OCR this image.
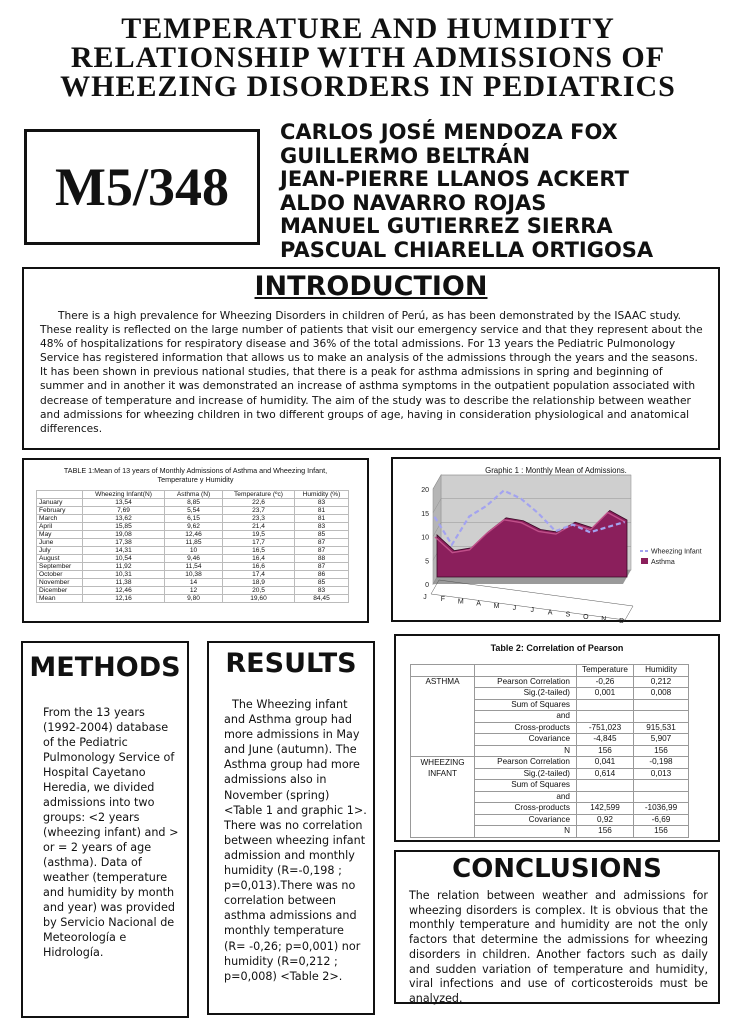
TEMPERATURE AND HUMIDITY
RELATIONSHIP WITH ADMISSIONS OF
WHEEZING DISORDERS IN PEDIATRICS
M5/348
CARLOS JOSÉ MENDOZA FOX
GUILLERMO BELTRÁN
JEAN-PIERRE LLANOS ACKERT
ALDO NAVARRO ROJAS
MANUEL GUTIERREZ SIERRA
PASCUAL CHIARELLA ORTIGOSA
INTRODUCTION

There is a high prevalence for Wheezing Disorders in children of Perú, as has been demonstrated by the ISAAC study. These reality is reflected on the large number of patients that visit our emergency service and that they represent about the 48% of hospitalizations for respiratory disease and 36% of the total admissions. For 13 years the Pediatric Pulmonology Service has registered information that allows us to make an analysis of the admissions through the years and the seasons. It has been shown in previous national studies, that there is a peak for asthma admissions in spring and beginning of summer and in another it was demonstrated an increase of asthma symptoms in the outpatient population associated with decrease of temperature and increase of humidity. The aim of the study was to describe the relationship between weather and admissions for wheezing children in two different groups of age, having in consideration physiological and anatomical differences.

TABLE 1:Mean of 13 years of Monthly Admissions of Asthma and Wheezing Infant,
Temperature y Humidity
	Wheezing Infant(N)	Asthma (N)	Temperature (ºc)	Humidity (%)
January	13,54	8,85	22,6	83
February	7,69	5,54	23,7	81
March	13,62	6,15	23,3	81
April	15,85	9,62	21,4	83
May	19,08	12,46	19,5	85
June	17,38	11,85	17,7	87
July	14,31	10	16,5	87
August	10,54	9,46	16,4	88
September	11,92	11,54	16,6	87
October	10,31	10,38	17,4	86
November	11,38	14	18,9	85
Dicember	12,46	12	20,5	83
Mean	12,16	9,80	19,60	84,45
Graphic 1 : Monthly Mean of Admissions.
0
5
10
15
20
J F M A M J J A S O N D
Wheezing Infant
Asthma
METHODS

From the 13 years (1992-2004) database of the Pediatric Pulmonology Service of Hospital Cayetano Heredia, we divided admissions into two groups: <2 years (wheezing infant) and > or = 2 years of age (asthma). Data of weather (temperature and humidity by month and year) was provided by Servicio Nacional de Meteorología e Hidrología.

RESULTS

The Wheezing infant and Asthma group had more admissions in May and June (autumn). The Asthma group had more admissions also in November (spring) <Table 1 and graphic 1>. There was no correlation between wheezing infant admission and monthly humidity (R=-0,198 ; p=0,013).There was no correlation between asthma admissions and monthly temperature (R= -0,26; p=0,001) nor humidity (R=0,212 ; p=0,008) <Table 2>.

Table 2: Correlation of Pearson
		Temperature	Humidity
ASTHMA	Pearson Correlation	-0,26	0,212
	Sig.(2-tailed)	0,001	0,008
	Sum of Squares		
	and		
	Cross-products	-751,023	915,531
	Covariance	-4,845	5,907
	N	156	156
WHEEZING	Pearson Correlation	0,041	-0,198
INFANT	Sig.(2-tailed)	0,614	0,013
	Sum of Squares		
	and		
	Cross-products	142,599	-1036,99
	Covariance	0,92	-6,69
	N	156	156
CONCLUSIONS

The relation between weather and admissions for wheezing disorders is complex. It is obvious that the monthly temperature and humidity are not the only factors that determine the admissions for wheezing disorders in children. Another factors such as daily and sudden variation of temperature and humidity, viral infections and use of corticosteroids must be analyzed.
